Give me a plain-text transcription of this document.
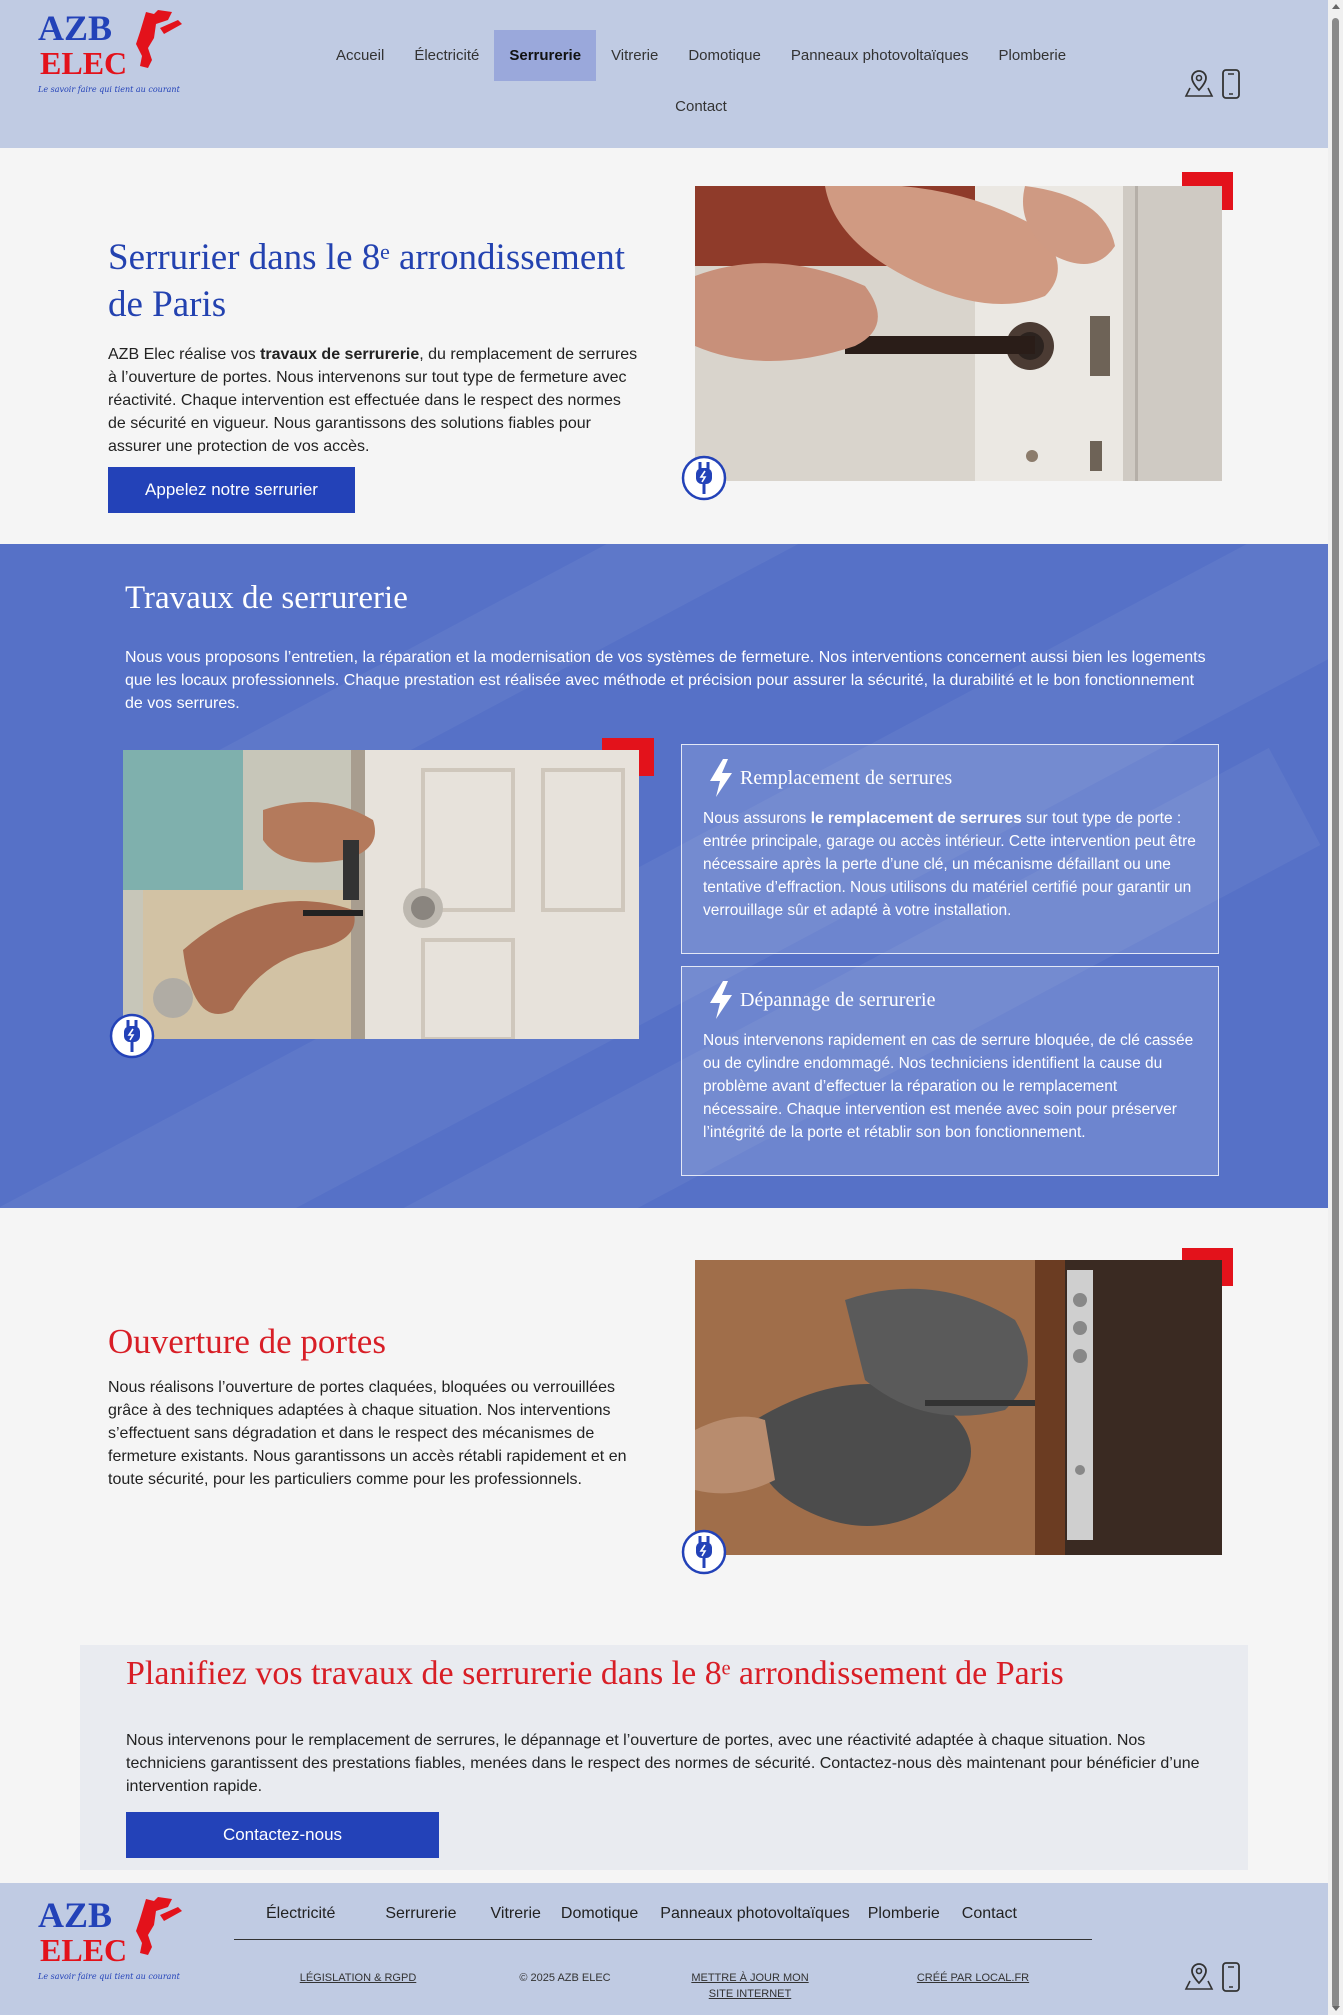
AZB
ELEC
Le savoir faire qui tient au courant
Accueil	Électricité	Serrurerie	Vitrerie	Domotique	Panneaux photovoltaïques	Plomberie
Contact
Serrurier dans le 8ᵉ arrondissement de Paris

AZB Elec réalise vos travaux de serrurerie, du remplacement de serrures à l’ouverture de portes. Nous intervenons sur tout type de fermeture avec réactivité. Chaque intervention est effectuée dans le respect des normes de sécurité en vigueur. Nous garantissons des solutions fiables pour assurer une protection de vos accès.

Appelez notre serrurier
Travaux de serrurerie

Nous vous proposons l’entretien, la réparation et la modernisation de vos systèmes de fermeture. Nos interventions concernent aussi bien les logements que les locaux professionnels. Chaque prestation est réalisée avec méthode et précision pour assurer la sécurité, la durabilité et le bon fonctionnement de vos serrures.

Remplacement de serrures

Nous assurons le remplacement de serrures sur tout type de porte : entrée principale, garage ou accès intérieur. Cette intervention peut être nécessaire après la perte d’une clé, un mécanisme défaillant ou une tentative d’effraction. Nous utilisons du matériel certifié pour garantir un verrouillage sûr et adapté à votre installation.

Dépannage de serrurerie

Nous intervenons rapidement en cas de serrure bloquée, de clé cassée ou de cylindre endommagé. Nos techniciens identifient la cause du problème avant d’effectuer la réparation ou le remplacement nécessaire. Chaque intervention est menée avec soin pour préserver l’intégrité de la porte et rétablir son bon fonctionnement.

Ouverture de portes

Nous réalisons l’ouverture de portes claquées, bloquées ou verrouillées grâce à des techniques adaptées à chaque situation. Nos interventions s’effectuent sans dégradation et dans le respect des mécanismes de fermeture existants. Nous garantissons un accès rétabli rapidement et en toute sécurité, pour les particuliers comme pour les professionnels.

Planifiez vos travaux de serrurerie dans le 8ᵉ arrondissement de Paris

Nous intervenons pour le remplacement de serrures, le dépannage et l’ouverture de portes, avec une réactivité adaptée à chaque situation. Nos techniciens garantissent des prestations fiables, menées dans le respect des normes de sécurité. Contactez-nous dès maintenant pour bénéficier d’une intervention rapide.

Contactez-nous
AZB
ELEC
Le savoir faire qui tient au courant
Électricité	Serrurerie Vitrerie Domotique Panneaux photovoltaïques Plomberie Contact
LÉGISLATION & RGPD	© 2025 AZB ELEC	METTRE À JOUR MON SITE INTERNET
CRÉÉ PAR LOCAL.FR
